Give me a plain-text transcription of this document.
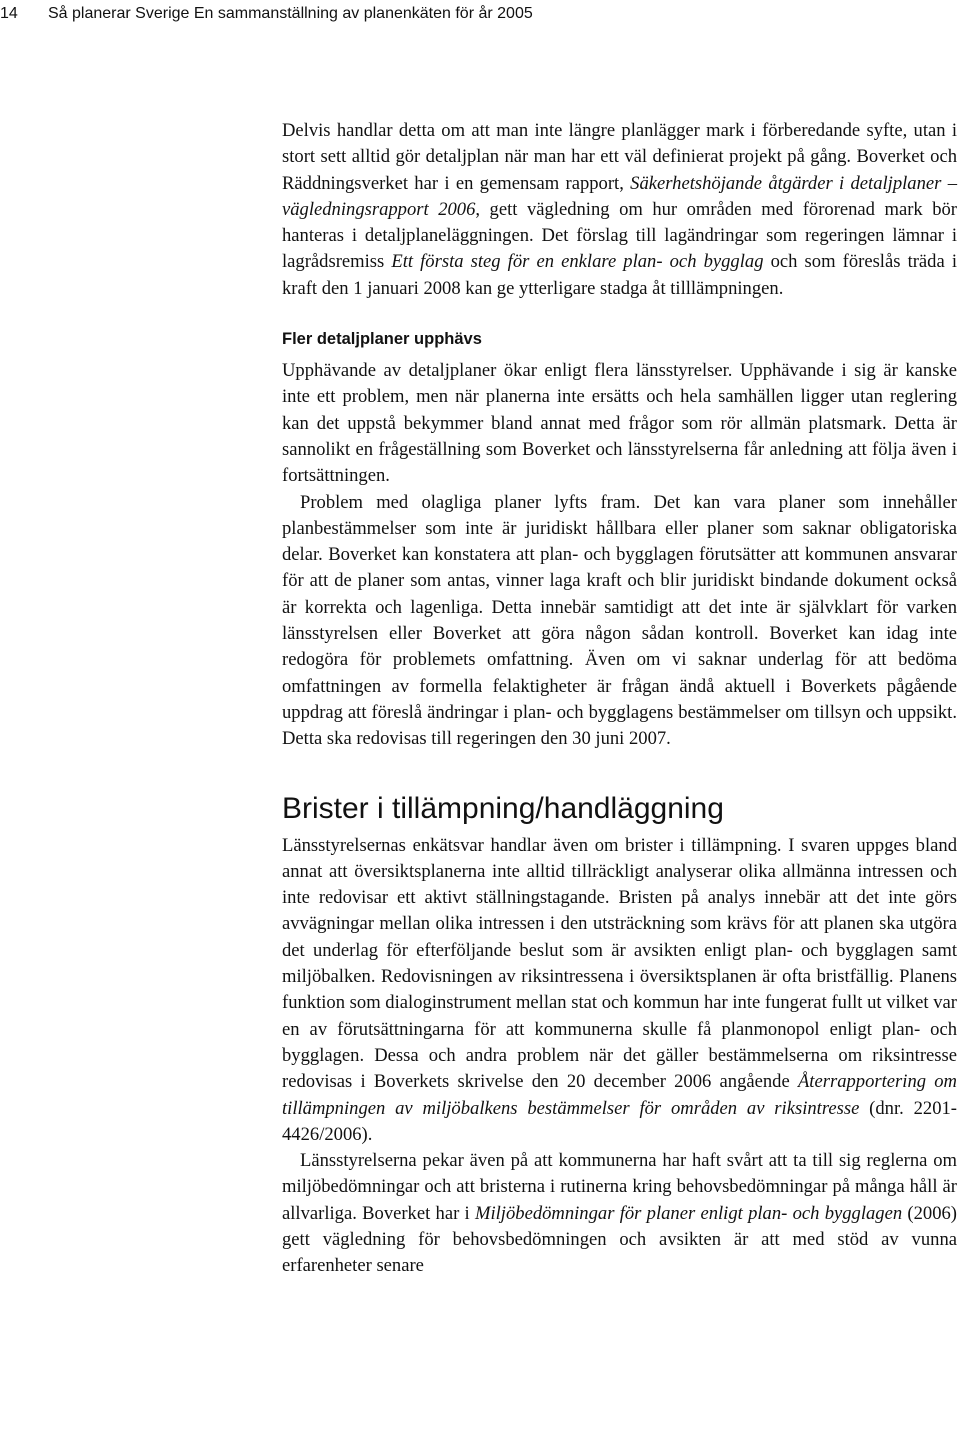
14	Så planerar Sverige En sammanställning av planenkäten för år 2005

Delvis handlar detta om att man inte längre planlägger mark i förberedande syfte, utan i stort sett alltid gör detaljplan när man har ett väl definierat projekt på gång. Boverket och Räddningsverket har i en gemensam rapport, Säkerhetshöjande åtgärder i detaljplaner – vägledningsrapport 2006, gett vägledning om hur områden med förorenad mark bör hanteras i detaljplaneläggningen. Det förslag till lagändringar som regeringen lämnar i lagrådsremiss Ett första steg för en enklare plan- och bygglag och som föreslås träda i kraft den 1 januari 2008 kan ge ytterligare stadga åt tilllämpningen.

Fler detaljplaner upphävs

Upphävande av detaljplaner ökar enligt flera länsstyrelser. Upphävande i sig är kanske inte ett problem, men när planerna inte ersätts och hela samhällen ligger utan reglering kan det uppstå bekymmer bland annat med frågor som rör allmän platsmark. Detta är sannolikt en frågeställning som Boverket och länsstyrelserna får anledning att följa även i fortsättningen.

Problem med olagliga planer lyfts fram. Det kan vara planer som innehåller planbestämmelser som inte är juridiskt hållbara eller planer som saknar obligatoriska delar. Boverket kan konstatera att plan- och bygglagen förutsätter att kommunen ansvarar för att de planer som antas, vinner laga kraft och blir juridiskt bindande dokument också är korrekta och lagenliga. Detta innebär samtidigt att det inte är självklart för varken länsstyrelsen eller Boverket att göra någon sådan kontroll. Boverket kan idag inte redogöra för problemets omfattning. Även om vi saknar underlag för att bedöma omfattningen av formella felaktigheter är frågan ändå aktuell i Boverkets pågående uppdrag att föreslå ändringar i plan- och bygglagens bestämmelser om tillsyn och uppsikt. Detta ska redovisas till regeringen den 30 juni 2007.

Brister i tillämpning/handläggning

Länsstyrelsernas enkätsvar handlar även om brister i tillämpning. I svaren uppges bland annat att översiktsplanerna inte alltid tillräckligt analyserar olika allmänna intressen och inte redovisar ett aktivt ställningstagande. Bristen på analys innebär att det inte görs avvägningar mellan olika intressen i den utsträckning som krävs för att planen ska utgöra det underlag för efterföljande beslut som är avsikten enligt plan- och bygglagen samt miljöbalken. Redovisningen av riksintressena i översiktsplanen är ofta bristfällig. Planens funktion som dialoginstrument mellan stat och kommun har inte fungerat fullt ut vilket var en av förutsättningarna för att kommunerna skulle få planmonopol enligt plan- och bygglagen. Dessa och andra problem när det gäller bestämmelserna om riksintresse redovisas i Boverkets skrivelse den 20 december 2006 angående Återrapportering om tillämpningen av miljöbalkens bestämmelser för områden av riksintresse (dnr. 2201-4426/2006).

Länsstyrelserna pekar även på att kommunerna har haft svårt att ta till sig reglerna om miljöbedömningar och att bristerna i rutinerna kring behovsbedömningar på många håll är allvarliga. Boverket har i Miljöbedömningar för planer enligt plan- och bygglagen (2006) gett vägledning för behovsbedömningen och avsikten är att med stöd av vunna erfarenheter senare
